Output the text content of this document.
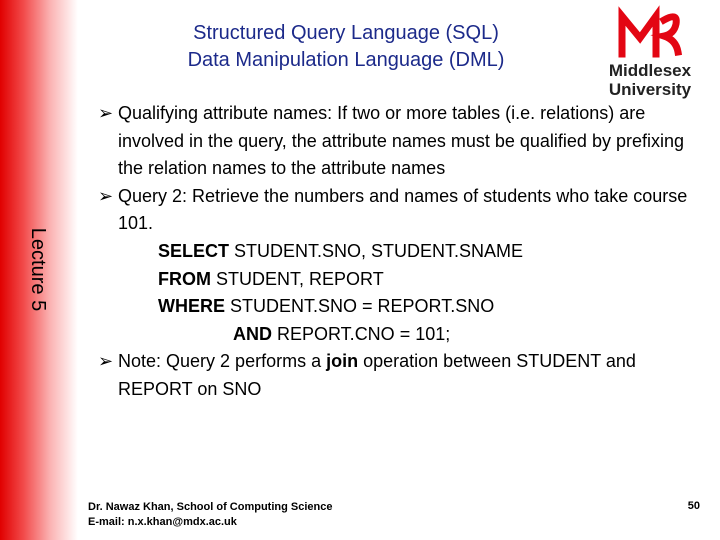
Lecture 5
Structured Query Language (SQL)
Data Manipulation Language (DML)	Middlesex
University
➢ Qualifying attribute names: If two or more tables (i.e. relations) are involved in the query, the attribute names must be qualified by prefixing the relation names to the attribute names
➢ Query 2: Retrieve the numbers and names of students who take course 101.
SELECT STUDENT.SNO, STUDENT.SNAME
FROM STUDENT, REPORT
WHERE STUDENT.SNO = REPORT.SNO
AND REPORT.CNO = 101;
➢ Note: Query 2 performs a join operation between STUDENT and REPORT on SNO
Dr. Nawaz Khan, School of Computing Science
E-mail: n.x.khan@mdx.ac.uk
50
